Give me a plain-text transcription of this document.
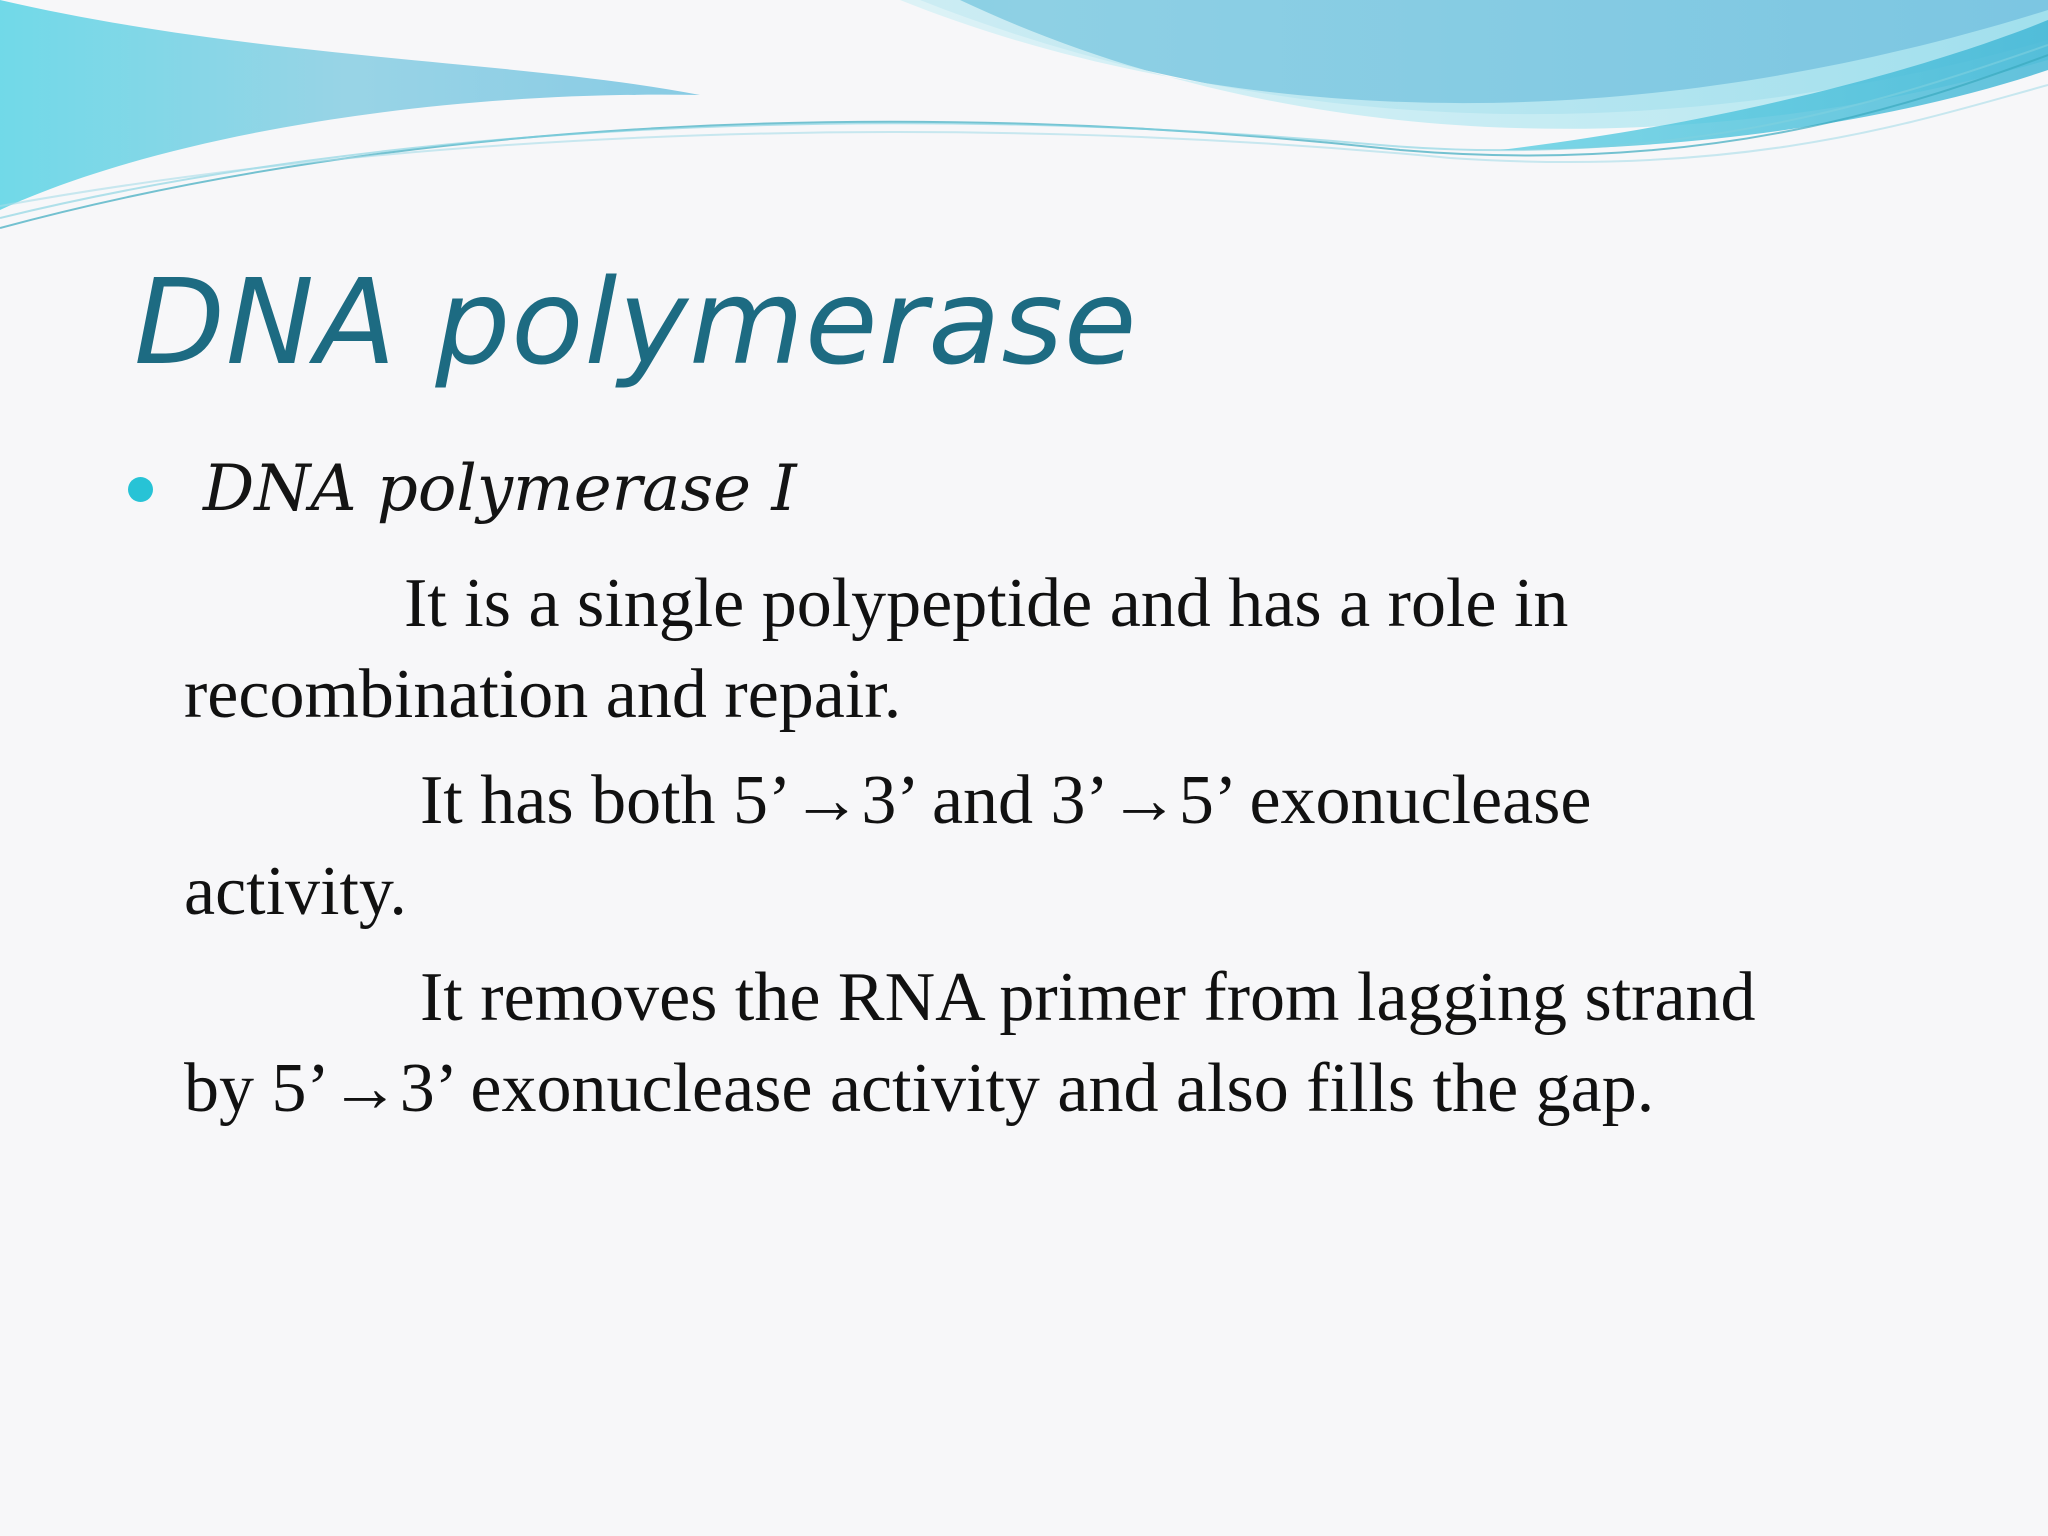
DNA polymerase
DNA polymerase I

It is a single polypeptide and has a role in
recombination and repair.

It has both 5’→3’ and 3’→5’ exonuclease
activity.

It removes the RNA primer from lagging strand
by 5’→3’ exonuclease activity and also fills the gap.
